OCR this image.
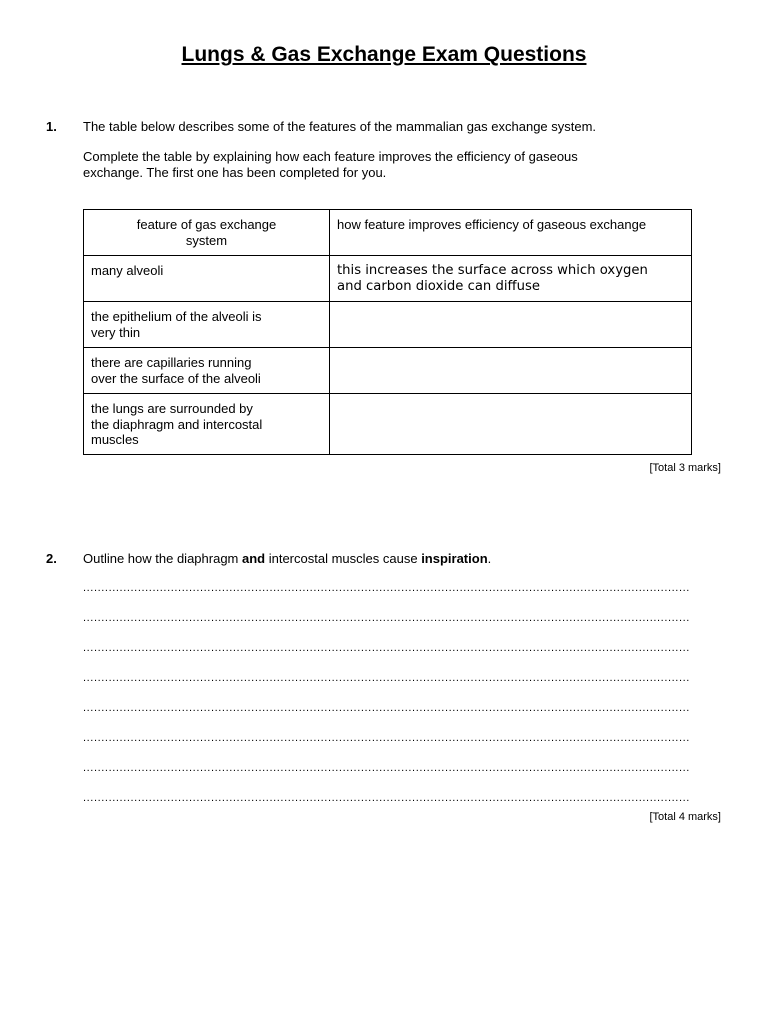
Lungs & Gas Exchange Exam Questions
1. The table below describes some of the features of the mammalian gas exchange system.
Complete the table by explaining how each feature improves the efficiency of gaseous
exchange. The first one has been completed for you.
feature of gas exchange
system	how feature improves efficiency of gaseous exchange

many alveoli	this increases the surface across which oxygen
and carbon dioxide can diffuse

the epithelium of the alveoli is
very thin	

there are capillaries running
over the surface of the alveoli	

the lungs are surrounded by
the diaphragm and intercostal
muscles	

[Total 3 marks]
2. Outline how the diaphragm and intercostal muscles cause inspiration.
......................................................................................................................................................................
......................................................................................................................................................................
......................................................................................................................................................................
......................................................................................................................................................................
......................................................................................................................................................................
......................................................................................................................................................................
......................................................................................................................................................................
......................................................................................................................................................................
[Total 4 marks]
